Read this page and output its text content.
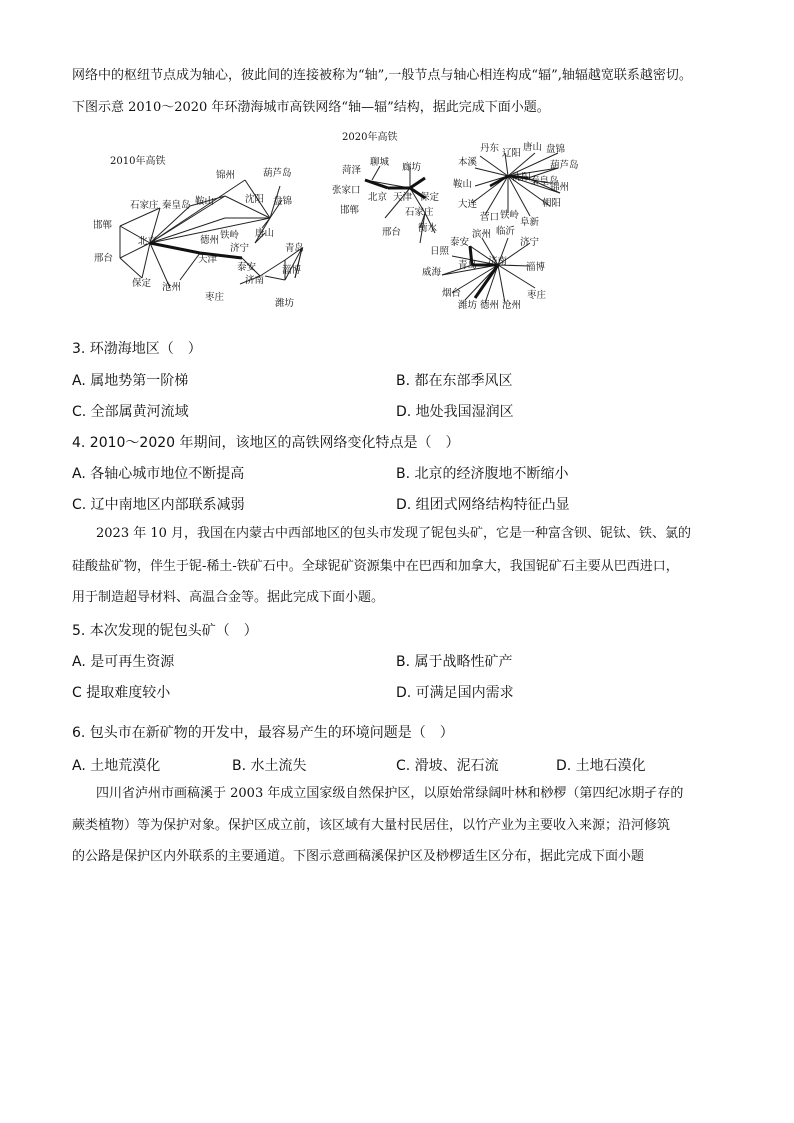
网络中的枢纽节点成为轴心，彼此间的连接被称为“轴”,一般节点与轴心相连构成“辐”,轴辐越宽联系越密切。
下图示意 2010～2020 年环渤海城市高铁网络“轴—辐”结构，据此完成下面小题。
2010年高铁
锦州	葫芦岛
鞍山	沈阳 盘锦
石家庄 秦皇岛
邯郸
北京	德州 铁岭 唐山
济宁
邢台	天津
青岛
泰安	淄博
保定 沧州
济南
枣庄
潍坊
2020年高铁
菏泽
聊城 廊坊
张家口
北京 天津 保定
邯郸	石家庄
衡水
邢台
丹东 辽阳
唐山 盘锦
本溪	葫芦岛
鞍山
沈阳
秦皇岛
锦州
朝阳
大连
营口 铁岭
阜新
滨州 临沂
济宁
日照
泰安
济南
威海
青岛	淄博
烟台
潍坊 德州 沧州
枣庄
3. 环渤海地区（　）
A. 属地势第一阶梯	B. 都在东部季风区
C. 全部属黄河流域	D. 地处我国湿润区
4. 2010～2020 年期间，该地区的高铁网络变化特点是（　）
A. 各轴心城市地位不断提高	B. 北京的经济腹地不断缩小
C. 辽中南地区内部联系减弱	D. 组团式网络结构特征凸显
2023 年 10 月，我国在内蒙古中西部地区的包头市发现了铌包头矿，它是一种富含钡、铌钛、铁、氯的
硅酸盐矿物，伴生于铌-稀土-铁矿石中。全球铌矿资源集中在巴西和加拿大，我国铌矿石主要从巴西进口，
用于制造超导材料、高温合金等。据此完成下面小题。
5. 本次发现的铌包头矿（　）
A. 是可再生资源	B. 属于战略性矿产
C 提取难度较小	D. 可满足国内需求
6. 包头市在新矿物的开发中，最容易产生的环境问题是（　）
A. 土地荒漠化	B. 水土流失	C. 滑坡、泥石流	D. 土地石漠化
四川省泸州市画稿溪于 2003 年成立国家级自然保护区，以原始常绿阔叶林和桫椤（第四纪冰期孑存的
蕨类植物）等为保护对象。保护区成立前，该区域有大量村民居住，以竹产业为主要收入来源；沿河修筑
的公路是保护区内外联系的主要通道。下图示意画稿溪保护区及桫椤适生区分布，据此完成下面小题
